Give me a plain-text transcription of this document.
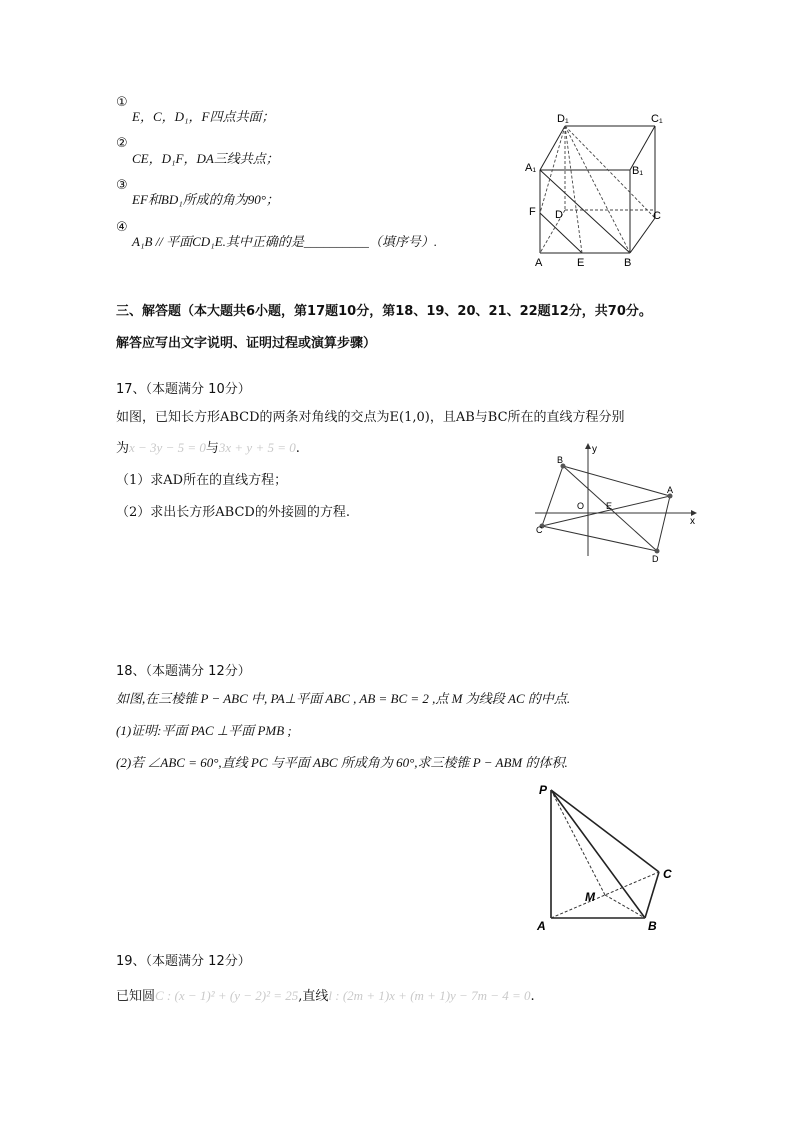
①
E，C，D₁，F四点共面；
②
CE，D₁F，DA三线共点；
③
EF和BD₁所成的角为90°；
④
A₁B // 平面CD₁E.其中正确的是__________（填序号）.
D₁	C₁
A₁	B₁
F D	C
A	E	B
三、解答题（本大题共6小题，第17题10分，第18、19、20、21、22题12分，共70分。
解答应写出文字说明、证明过程或演算步骤）
17、（本题满分 10分）
如图，已知长方形ABCD的两条对角线的交点为E(1,0)，且AB与BC所在的直线方程分别
为x − 3y − 5 = 0与3x + y + 5 = 0.
（1）求AD所在的直线方程；
（2）求出长方形ABCD的外接圆的方程.
y
x
B
A
O E
C
D
18、（本题满分 12分）
如图,在三棱锥 P − ABC 中, PA⊥平面 ABC , AB = BC = 2 ,点 M 为线段 AC 的中点.
(1)证明:平面 PAC ⊥平面 PMB ;
(2)若 ∠ABC = 60°,直线 PC 与平面 ABC 所成角为 60°,求三棱锥 P − ABM 的体积.
P
C
M
A	B
19、（本题满分 12分）
已知圆C : (x − 1)² + (y − 2)² = 25,直线l : (2m + 1)x + (m + 1)y − 7m − 4 = 0.
